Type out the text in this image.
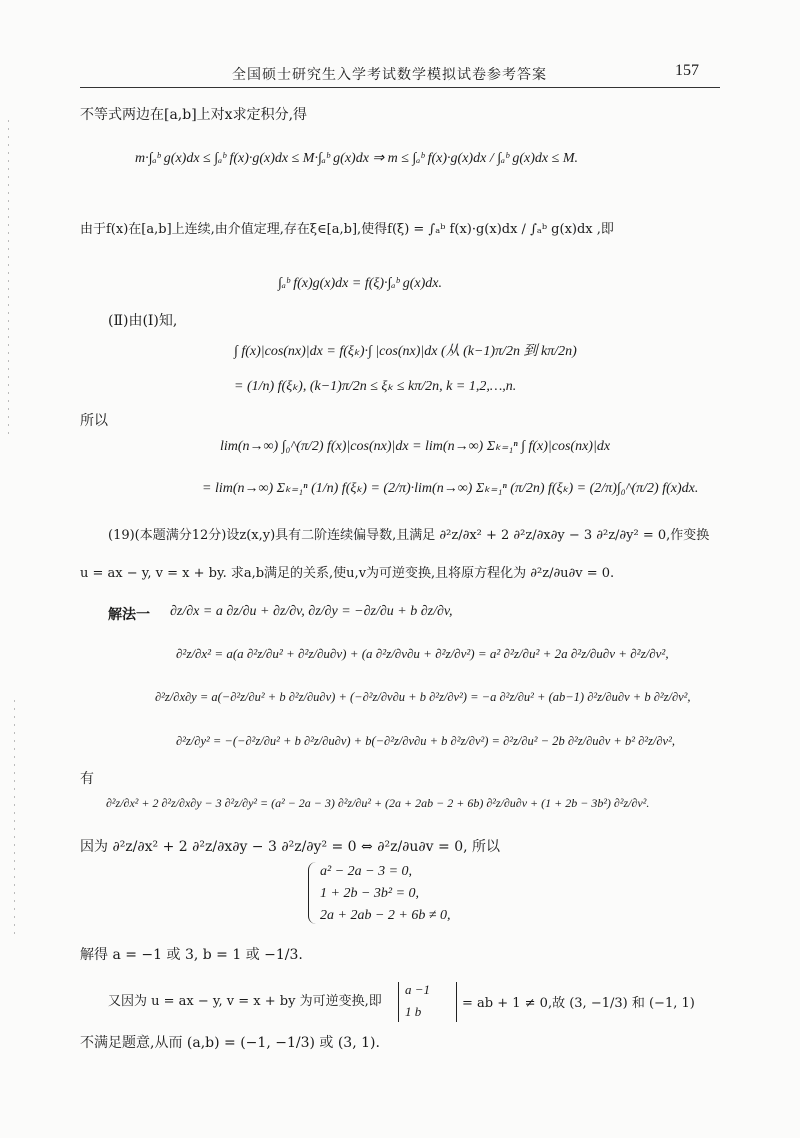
全国硕士研究生入学考试数学模拟试卷参考答案	157
不等式两边在[a,b]上对x求定积分,得
m·∫ₐᵇ g(x)dx ≤ ∫ₐᵇ f(x)·g(x)dx ≤ M·∫ₐᵇ g(x)dx ⇒ m ≤ ∫ₐᵇ f(x)·g(x)dx / ∫ₐᵇ g(x)dx ≤ M.
由于f(x)在[a,b]上连续,由介值定理,存在ξ∈[a,b],使得f(ξ) = ∫ₐᵇ f(x)·g(x)dx / ∫ₐᵇ g(x)dx ,即
∫ₐᵇ f(x)g(x)dx = f(ξ)·∫ₐᵇ g(x)dx.
(Ⅱ)由(Ⅰ)知,
∫ f(x)|cos(nx)|dx = f(ξₖ)·∫ |cos(nx)|dx (从 (k−1)π/2n 到 kπ/2n)
= (1/n) f(ξₖ), (k−1)π/2n ≤ ξₖ ≤ kπ/2n, k = 1,2,…,n.
所以
lim(n→∞) ∫₀^(π/2) f(x)|cos(nx)|dx = lim(n→∞) Σₖ₌₁ⁿ ∫ f(x)|cos(nx)|dx
= lim(n→∞) Σₖ₌₁ⁿ (1/n) f(ξₖ) = (2/π)·lim(n→∞) Σₖ₌₁ⁿ (π/2n) f(ξₖ) = (2/π)∫₀^(π/2) f(x)dx.
(19)(本题满分12分)设z(x,y)具有二阶连续偏导数,且满足 ∂²z/∂x² + 2 ∂²z/∂x∂y − 3 ∂²z/∂y² = 0,作变换
u = ax − y, v = x + by. 求a,b满足的关系,使u,v为可逆变换,且将原方程化为 ∂²z/∂u∂v = 0.
解法一 ∂z/∂x = a ∂z/∂u + ∂z/∂v, ∂z/∂y = −∂z/∂u + b ∂z/∂v,
∂²z/∂x² = a(a ∂²z/∂u² + ∂²z/∂u∂v) + (a ∂²z/∂v∂u + ∂²z/∂v²) = a² ∂²z/∂u² + 2a ∂²z/∂u∂v + ∂²z/∂v²,
∂²z/∂x∂y = a(−∂²z/∂u² + b ∂²z/∂u∂v) + (−∂²z/∂v∂u + b ∂²z/∂v²) = −a ∂²z/∂u² + (ab−1) ∂²z/∂u∂v + b ∂²z/∂v²,
∂²z/∂y² = −(−∂²z/∂u² + b ∂²z/∂u∂v) + b(−∂²z/∂v∂u + b ∂²z/∂v²) = ∂²z/∂u² − 2b ∂²z/∂u∂v + b² ∂²z/∂v²,
有
∂²z/∂x² + 2 ∂²z/∂x∂y − 3 ∂²z/∂y² = (a² − 2a − 3) ∂²z/∂u² + (2a + 2ab − 2 + 6b) ∂²z/∂u∂v + (1 + 2b − 3b²) ∂²z/∂v².
因为 ∂²z/∂x² + 2 ∂²z/∂x∂y − 3 ∂²z/∂y² = 0 ⇔ ∂²z/∂u∂v = 0, 所以
a² − 2a − 3 = 0,
1 + 2b − 3b² = 0,
2a + 2ab − 2 + 6b ≠ 0,
解得 a = −1 或 3, b = 1 或 −1/3.
又因为 u = ax − y, v = x + by 为可逆变换,即
a −1
1 b
= ab + 1 ≠ 0,故 (3, −1/3) 和 (−1, 1)
不满足题意,从而 (a,b) = (−1, −1/3) 或 (3, 1).
